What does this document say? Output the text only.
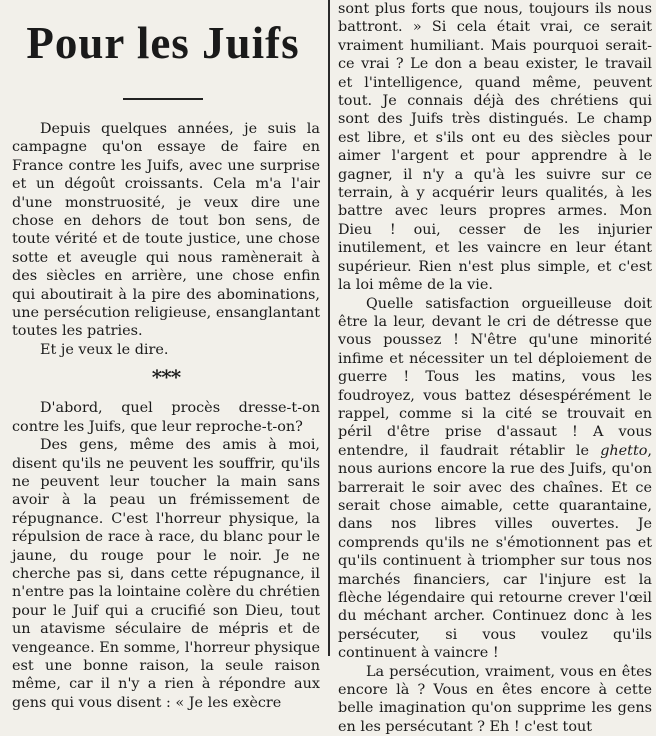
Pour les Juifs

Depuis quelques années, je suis la campagne qu'on essaye de faire en France contre les Juifs, avec une surprise et un dégoût croissants. Cela m'a l'air d'une monstruosité, je veux dire une chose en dehors de tout bon sens, de toute vérité et de toute justice, une chose sotte et aveugle qui nous ramènerait à des siècles en arrière, une chose enfin qui aboutirait à la pire des abominations, une persécution religieuse, ensanglantant toutes les patries.

Et je veux le dire.

***

D'abord, quel procès dresse-t-on contre les Juifs, que leur reproche-t-on?

Des gens, même des amis à moi, disent qu'ils ne peuvent les souffrir, qu'ils ne peuvent leur toucher la main sans avoir à la peau un frémissement de répugnance. C'est l'horreur physique, la répulsion de race à race, du blanc pour le jaune, du rouge pour le noir. Je ne cherche pas si, dans cette répugnance, il n'entre pas la lointaine colère du chrétien pour le Juif qui a crucifié son Dieu, tout un atavisme séculaire de mépris et de vengeance. En somme, l'horreur physique est une bonne raison, la seule raison même, car il n'y a rien à répondre aux gens qui vous disent : « Je les exècre

sont plus forts que nous, toujours ils nous battront. » Si cela était vrai, ce serait vraiment humiliant. Mais pourquoi serait-ce vrai ? Le don a beau exister, le travail et l'intelligence, quand même, peuvent tout. Je connais déjà des chrétiens qui sont des Juifs très distingués. Le champ est libre, et s'ils ont eu des siècles pour aimer l'argent et pour apprendre à le gagner, il n'y a qu'à les suivre sur ce terrain, à y acquérir leurs qualités, à les battre avec leurs propres armes. Mon Dieu ! oui, cesser de les injurier inutilement, et les vaincre en leur étant supérieur. Rien n'est plus simple, et c'est la loi même de la vie.

Quelle satisfaction orgueilleuse doit être la leur, devant le cri de détresse que vous poussez ! N'être qu'une minorité infime et nécessiter un tel déploiement de guerre ! Tous les matins, vous les foudroyez, vous battez désespérément le rappel, comme si la cité se trouvait en péril d'être prise d'assaut ! A vous entendre, il faudrait rétablir le ghetto, nous aurions encore la rue des Juifs, qu'on barrerait le soir avec des chaînes. Et ce serait chose aimable, cette quarantaine, dans nos libres villes ouvertes. Je comprends qu'ils ne s'émotionnent pas et qu'ils continuent à triompher sur tous nos marchés financiers, car l'injure est la flèche légendaire qui retourne crever l'œil du méchant archer. Continuez donc à les persécuter, si vous voulez qu'ils continuent à vaincre !

La persécution, vraiment, vous en êtes encore là ? Vous en êtes encore à cette belle imagination qu'on supprime les gens en les persécutant ? Eh ! c'est tout
